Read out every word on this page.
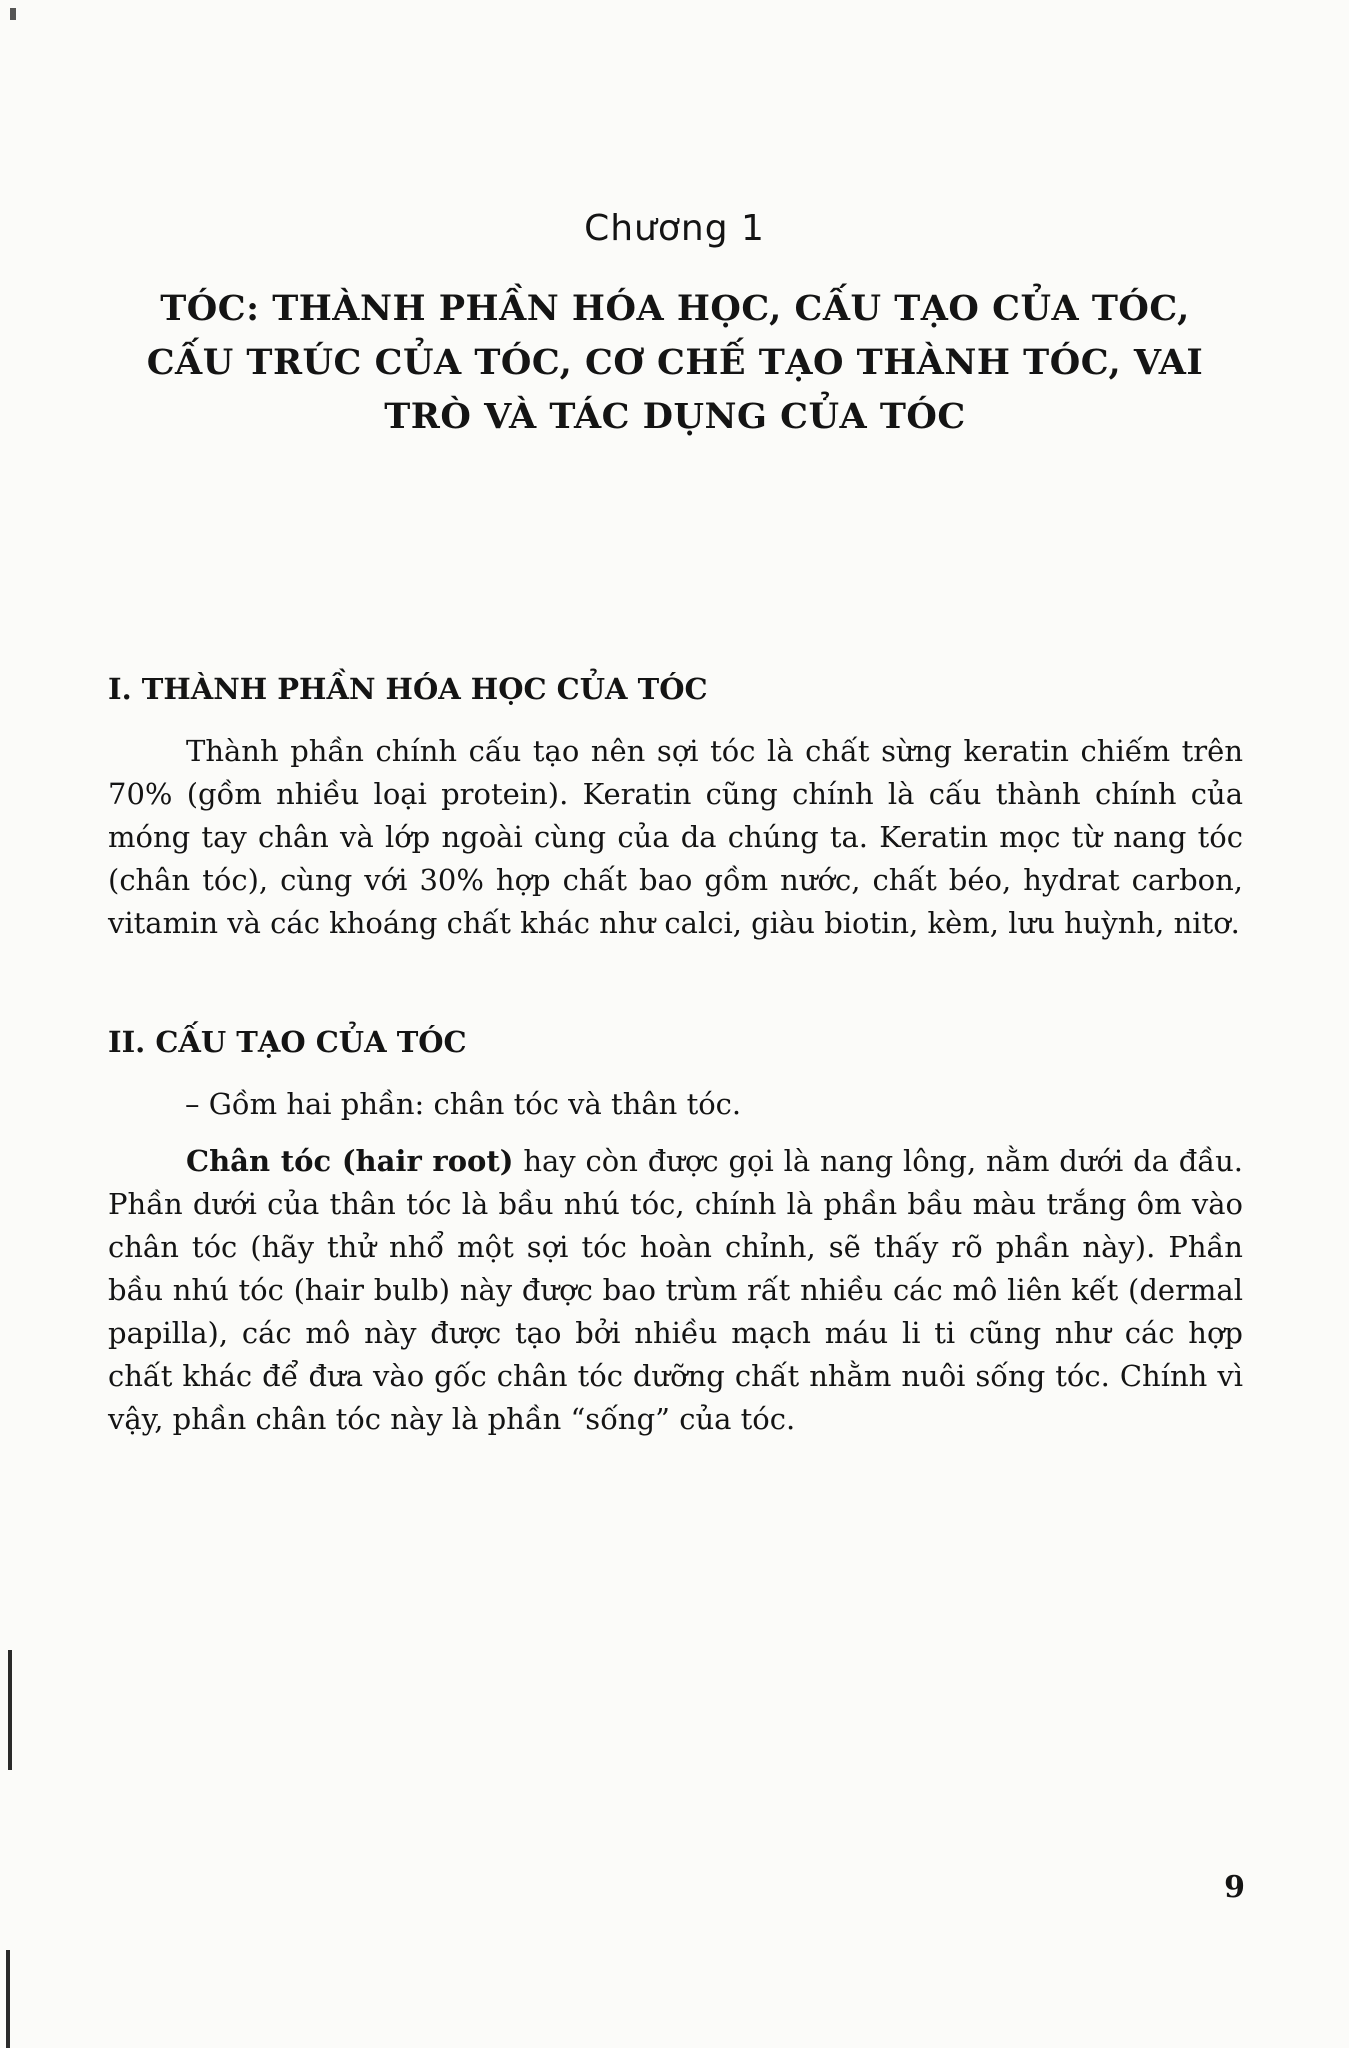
Chương 1
TÓC: THÀNH PHẦN HÓA HỌC, CẤU TẠO CỦA TÓC, CẤU TRÚC CỦA TÓC, CƠ CHẾ TẠO THÀNH TÓC, VAI TRÒ VÀ TÁC DỤNG CỦA TÓC
I. THÀNH PHẦN HÓA HỌC CỦA TÓC

Thành phần chính cấu tạo nên sợi tóc là chất sừng keratin chiếm trên 70% (gồm nhiều loại protein). Keratin cũng chính là cấu thành chính của móng tay chân và lớp ngoài cùng của da chúng ta. Keratin mọc từ nang tóc (chân tóc), cùng với 30% hợp chất bao gồm nước, chất béo, hydrat carbon, vitamin và các khoáng chất khác như calci, giàu biotin, kèm, lưu huỳnh, nitơ.

II. CẤU TẠO CỦA TÓC
– Gồm hai phần: chân tóc và thân tóc.

Chân tóc (hair root) hay còn được gọi là nang lông, nằm dưới da đầu. Phần dưới của thân tóc là bầu nhú tóc, chính là phần bầu màu trắng ôm vào chân tóc (hãy thử nhổ một sợi tóc hoàn chỉnh, sẽ thấy rõ phần này). Phần bầu nhú tóc (hair bulb) này được bao trùm rất nhiều các mô liên kết (dermal papilla), các mô này được tạo bởi nhiều mạch máu li ti cũng như các hợp chất khác để đưa vào gốc chân tóc dưỡng chất nhằm nuôi sống tóc. Chính vì vậy, phần chân tóc này là phần “sống” của tóc.

9
